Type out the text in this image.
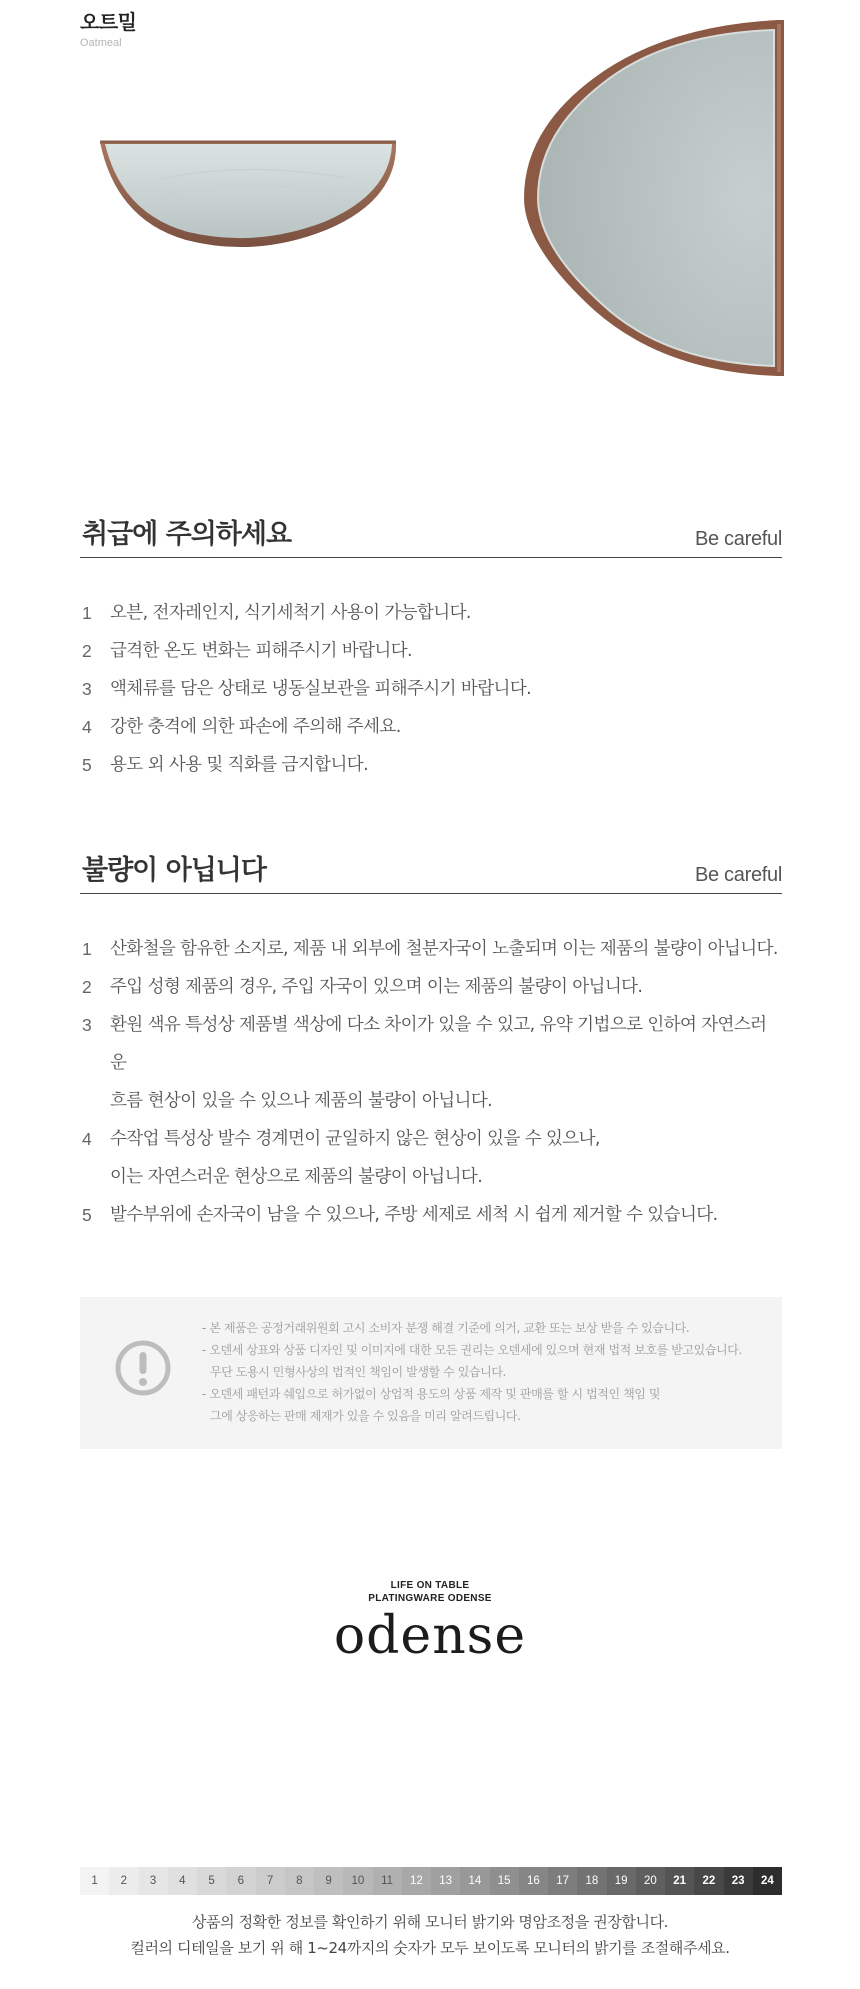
오트밀
Oatmeal
취급에 주의하세요	Be careful
1	오븐, 전자레인지, 식기세척기 사용이 가능합니다.
2	급격한 온도 변화는 피해주시기 바랍니다.
3	액체류를 담은 상태로 냉동실보관을 피해주시기 바랍니다.
4	강한 충격에 의한 파손에 주의해 주세요.
5	용도 외 사용 및 직화를 금지합니다.
불량이 아닙니다	Be careful
1	산화철을 함유한 소지로, 제품 내 외부에 철분자국이 노출되며 이는 제품의 불량이 아닙니다.
2	주입 성형 제품의 경우, 주입 자국이 있으며 이는 제품의 불량이 아닙니다.
3	환원 색유 특성상 제품별 색상에 다소 차이가 있을 수 있고, 유약 기법으로 인하여 자연스러운
흐름 현상이 있을 수 있으나 제품의 불량이 아닙니다.
4	수작업 특성상 발수 경계면이 균일하지 않은 현상이 있을 수 있으나,
이는 자연스러운 현상으로 제품의 불량이 아닙니다.
5	발수부위에 손자국이 남을 수 있으나, 주방 세제로 세척 시 쉽게 제거할 수 있습니다.
- 본 제품은 공정거래위원회 고시 소비자 분쟁 해결 기준에 의거, 교환 또는 보상 받을 수 있습니다.
- 오덴세 상표와 상품 디자인 및 이미지에 대한 모든 권리는 오덴세에 있으며 현재 법적 보호를 받고있습니다.
무단 도용시 민형사상의 법적인 책임이 발생할 수 있습니다.
- 오덴세 패턴과 쉐입으로 허가없이 상업적 용도의 상품 제작 및 판매를 할 시 법적인 책임 및
그에 상응하는 판매 제재가 있을 수 있음을 미리 알려드립니다.
LIFE ON TABLE
PLATINGWARE ODENSE
odense
1	2	3	4	5	6	7	8	9	10	11	12	13	14	15	16	17	18	19	20	21	22	23	24
상품의 정확한 정보를 확인하기 위해 모니터 밝기와 명암조정을 권장합니다.
컬러의 디테일을 보기 위 해 1~24까지의 숫자가 모두 보이도록 모니터의 밝기를 조절해주세요.
